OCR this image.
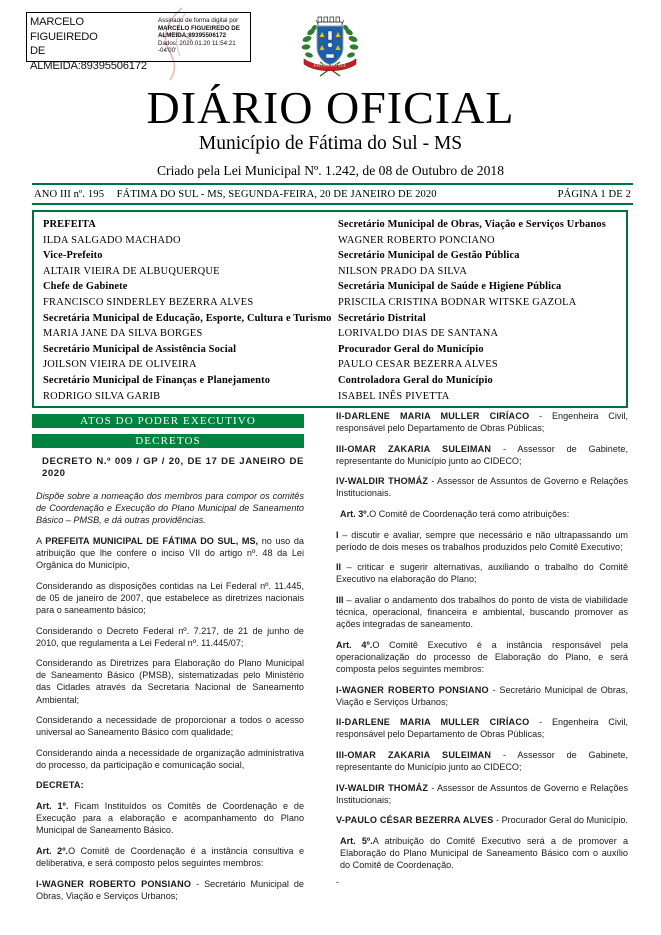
MARCELO FIGUEIREDO
DE
ALMEIDA:89395506172
Assinado de forma digital por
MARCELO FIGUEIREDO DE
ALMEIDA:89395506172
Dados: 2020.01.20 11:54:21 -04'00'
FATIMA DO SUL
DIÁRIO OFICIAL
Município de Fátima do Sul - MS
Criado pela Lei Municipal Nº. 1.242, de 08 de Outubro de 2018
ANO III nº. 195 FÁTIMA DO SUL - MS, SEGUNDA-FEIRA, 20 DE JANEIRO DE 2020	PÁGINA 1 DE 2
PREFEITA
ILDA SALGADO MACHADO
Vice-Prefeito
ALTAIR VIEIRA DE ALBUQUERQUE
Chefe de Gabinete
FRANCISCO SINDERLEY BEZERRA ALVES
Secretária Municipal de Educação, Esporte, Cultura e Turismo
MARIA JANE DA SILVA BORGES
Secretário Municipal de Assistência Social
JOILSON VIEIRA DE OLIVEIRA
Secretário Municipal de Finanças e Planejamento
RODRIGO SILVA GARIB
Secretário Municipal de Obras, Viação e Serviços Urbanos
WAGNER ROBERTO PONCIANO
Secretário Municipal de Gestão Pública
NILSON PRADO DA SILVA
Secretária Municipal de Saúde e Higiene Pública
PRISCILA CRISTINA BODNAR WITSKE GAZOLA
Secretário Distrital
LORIVALDO DIAS DE SANTANA
Procurador Geral do Município
PAULO CESAR BEZERRA ALVES
Controladora Geral do Município
ISABEL INÊS PIVETTA
ATOS DO PODER EXECUTIVO
DECRETOS
DECRETO N.º 009 / GP / 20, DE 17 DE JANEIRO DE 2020

Dispõe sobre a nomeação dos membros para compor os comitês de Coordenação e Execução do Plano Municipal de Saneamento Básico – PMSB, e dá outras providências.

A PREFEITA MUNICIPAL DE FÁTIMA DO SUL, MS, no uso da atribuição que lhe confere o inciso VII do artigo nº. 48 da Lei Orgânica do Município,

Considerando as disposições contidas na Lei Federal nº. 11.445, de 05 de janeiro de 2007, que estabelece as diretrizes nacionais para o saneamento básico;

Considerando o Decreto Federal nº. 7.217, de 21 de junho de 2010, que regulamenta a Lei Federal nº. 11.445/07;

Considerando as Diretrizes para Elaboração do Plano Municipal de Saneamento Básico (PMSB), sistematizadas pelo Ministério das Cidades através da Secretaria Nacional de Saneamento Ambiental;

Considerando a necessidade de proporcionar a todos o acesso universal ao Saneamento Básico com qualidade;

Considerando ainda a necessidade de organização administrativa do processo, da participação e comunicação social,

DECRETA:

Art. 1º. Ficam Instituídos os Comitês de Coordenação e de Execução para a elaboração e acompanhamento do Plano Municipal de Saneamento Básico.

Art. 2º.O Comitê de Coordenação é a instância consultiva e deliberativa, e será composto pelos seguintes membros:

I-WAGNER ROBERTO PONSIANO - Secretário Municipal de Obras, Viação e Serviços Urbanos;

II-DARLENE MARIA MULLER CIRÍACO - Engenheira Civil, responsável pelo Departamento de Obras Públicas;

III-OMAR ZAKARIA SULEIMAN - Assessor de Gabinete, representante do Município junto ao CIDECO;

IV-WALDIR THOMÁZ - Assessor de Assuntos de Governo e Relações Institucionais.

Art. 3º.O Comitê de Coordenação terá como atribuições:

I – discutir e avaliar, sempre que necessário e não ultrapassando um período de dois meses os trabalhos produzidos pelo Comitê Executivo;

II – criticar e sugerir alternativas, auxiliando o trabalho do Comitê Executivo na elaboração do Plano;

III – avaliar o andamento dos trabalhos do ponto de vista de viabilidade técnica, operacional, financeira e ambiental, buscando promover as ações integradas de saneamento.

Art. 4º.O Comitê Executivo é a instância responsável pela operacionalização do processo de Elaboração do Plano, e será composta pelos seguintes membros:

I-WAGNER ROBERTO PONSIANO - Secretário Municipal de Obras, Viação e Serviços Urbanos;

II-DARLENE MARIA MULLER CIRÍACO - Engenheira Civil, responsável pelo Departamento de Obras Públicas;

III-OMAR ZAKARIA SULEIMAN - Assessor de Gabinete, representante do Município junto ao CIDECO;

IV-WALDIR THOMÁZ - Assessor de Assuntos de Governo e Relações Institucionais;

V-PAULO CÉSAR BEZERRA ALVES - Procurador Geral do Município.

Art. 5º.A atribuição do Comitê Executivo será a de promover a Elaboração do Plano Municipal de Saneamento Básico com o auxílio do Comitê de Coordenação.

-
